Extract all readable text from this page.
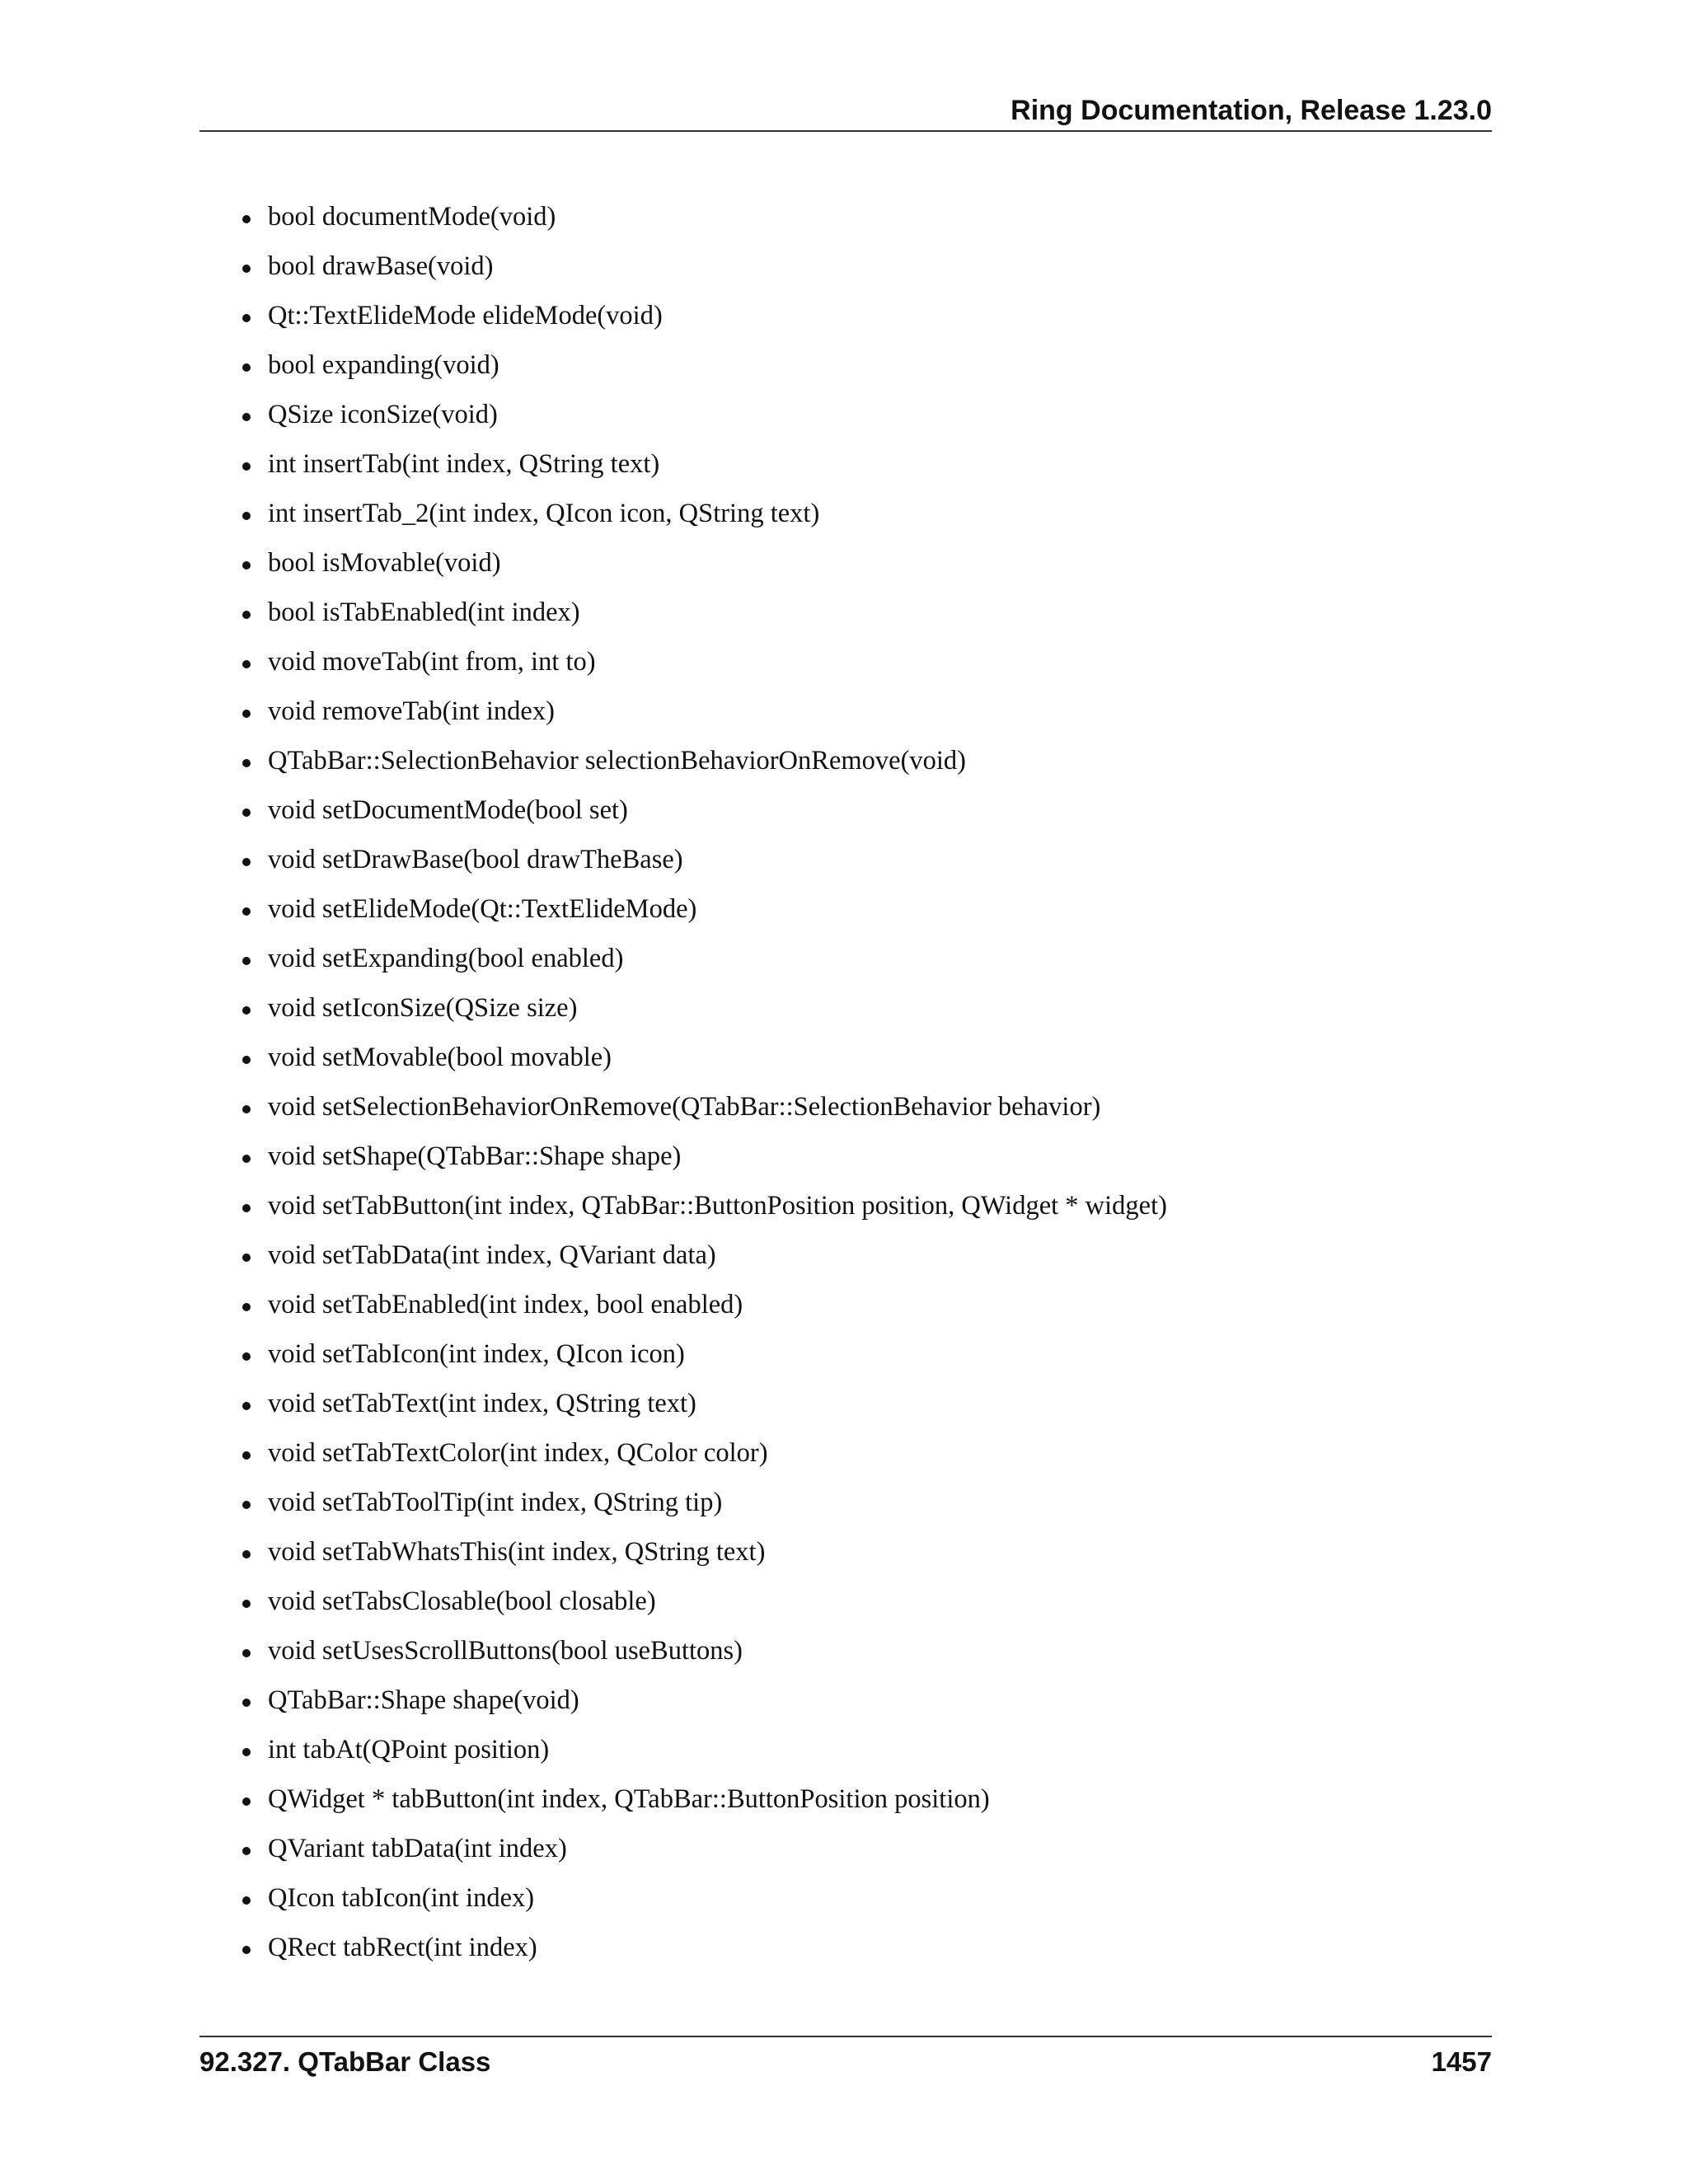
Ring Documentation, Release 1.23.0
bool documentMode(void)
bool drawBase(void)
Qt::TextElideMode elideMode(void)
bool expanding(void)
QSize iconSize(void)
int insertTab(int index, QString text)
int insertTab_2(int index, QIcon icon, QString text)
bool isMovable(void)
bool isTabEnabled(int index)
void moveTab(int from, int to)
void removeTab(int index)
QTabBar::SelectionBehavior selectionBehaviorOnRemove(void)
void setDocumentMode(bool set)
void setDrawBase(bool drawTheBase)
void setElideMode(Qt::TextElideMode)
void setExpanding(bool enabled)
void setIconSize(QSize size)
void setMovable(bool movable)
void setSelectionBehaviorOnRemove(QTabBar::SelectionBehavior behavior)
void setShape(QTabBar::Shape shape)
void setTabButton(int index, QTabBar::ButtonPosition position, QWidget * widget)
void setTabData(int index, QVariant data)
void setTabEnabled(int index, bool enabled)
void setTabIcon(int index, QIcon icon)
void setTabText(int index, QString text)
void setTabTextColor(int index, QColor color)
void setTabToolTip(int index, QString tip)
void setTabWhatsThis(int index, QString text)
void setTabsClosable(bool closable)
void setUsesScrollButtons(bool useButtons)
QTabBar::Shape shape(void)
int tabAt(QPoint position)
QWidget * tabButton(int index, QTabBar::ButtonPosition position)
QVariant tabData(int index)
QIcon tabIcon(int index)
QRect tabRect(int index)
92.327. QTabBar Class	1457
